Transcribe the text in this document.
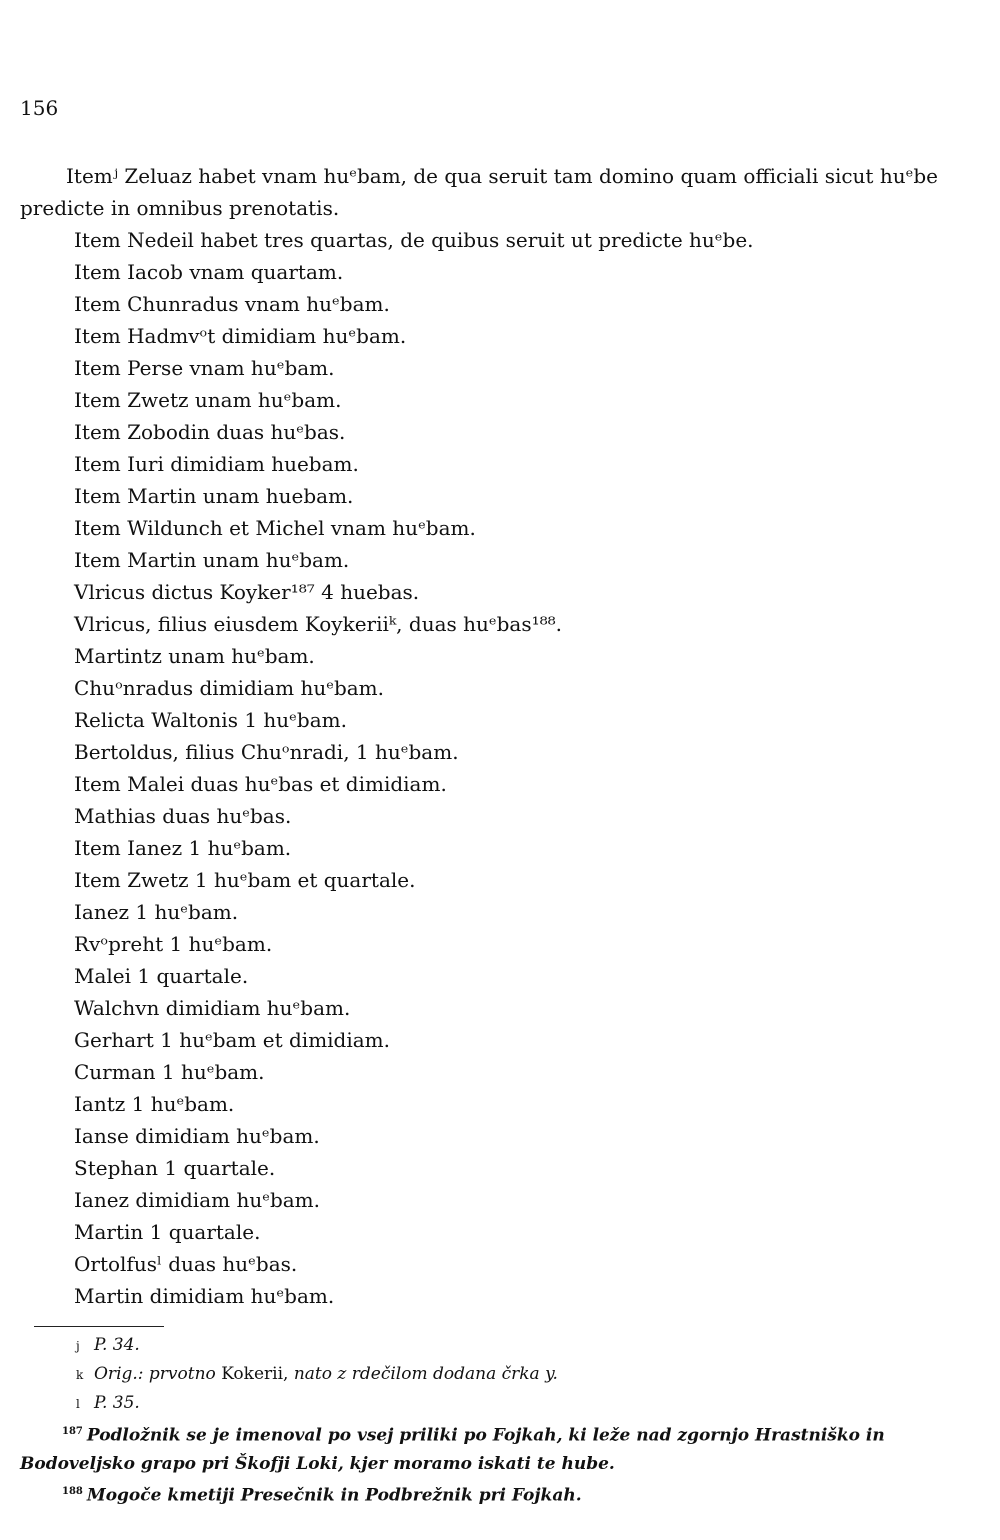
156

Itemʲ Zeluaz habet vnam huᵉbam, de qua seruit tam domino quam officiali sicut huᵉbe predicte in omnibus prenotatis.

Item Nedeil habet tres quartas, de quibus seruit ut predicte huᵉbe.
Item Iacob vnam quartam.
Item Chunradus vnam huᵉbam.
Item Hadmvᵒt dimidiam huᵉbam.
Item Perse vnam huᵉbam.
Item Zwetz unam huᵉbam.
Item Zobodin duas huᵉbas.
Item Iuri dimidiam huebam.
Item Martin unam huebam.
Item Wildunch et Michel vnam huᵉbam.
Item Martin unam huᵉbam.
Vlricus dictus Koyker¹⁸⁷ 4 huebas.
Vlricus, filius eiusdem Koykeriiᵏ, duas huᵉbas¹⁸⁸.
Martintz unam huᵉbam.
Chuᵒnradus dimidiam huᵉbam.
Relicta Waltonis 1 huᵉbam.
Bertoldus, filius Chuᵒnradi, 1 huᵉbam.
Item Malei duas huᵉbas et dimidiam.
Mathias duas huᵉbas.
Item Ianez 1 huᵉbam.
Item Zwetz 1 huᵉbam et quartale.
Ianez 1 huᵉbam.
Rvᵒpreht 1 huᵉbam.
Malei 1 quartale.
Walchvn dimidiam huᵉbam.
Gerhart 1 huᵉbam et dimidiam.
Curman 1 huᵉbam.
Iantz 1 huᵉbam.
Ianse dimidiam huᵉbam.
Stephan 1 quartale.
Ianez dimidiam huᵉbam.
Martin 1 quartale.
Ortolfusˡ duas huᵉbas.
Martin dimidiam huᵉbam.

j P. 34.

k Orig.: prvotno Kokerii, nato z rdečilom dodana črka y.

l P. 35.

$^{187}$ Podložnik se je imenoval po vsej priliki po Fojkah, ki leže nad zgornjo Hrastniško in Bodoveljsko grapo pri Škofji Loki, kjer moramo iskati te hube.

$^{188}$ Mogoče kmetiji Presečnik in Podbrežnik pri Fojkah.
